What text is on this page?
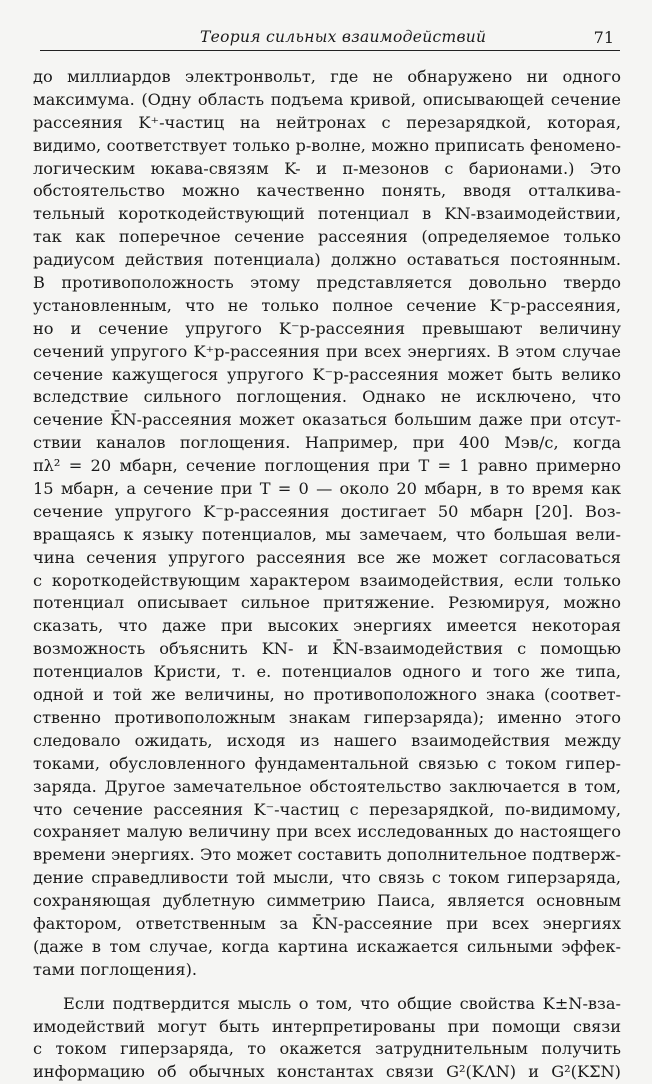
Теория сильных взаимодействий	71
до миллиардов электронвольт, где не обнаружено ни одного
максимума. (Одну область подъема кривой, описывающей сечение
рассеяния K⁺-частиц на нейтронах с перезарядкой, которая,
видимо, соответствует только p-волне, можно приписать феномено-
логическим юкава-связям K- и π-мезонов с барионами.) Это
обстоятельство можно качественно понять, вводя отталкива-
тельный короткодействующий потенциал в KN-взаимодействии,
так как поперечное сечение рассеяния (определяемое только
радиусом действия потенциала) должно оставаться постоянным.
В противоположность этому представляется довольно твердо
установленным, что не только полное сечение K⁻p-рассеяния,
но и сечение упругого K⁻p-рассеяния превышают величину
сечений упругого K⁺p-рассеяния при всех энергиях. В этом случае
сечение кажущегося упругого K⁻p-рассеяния может быть велико
вследствие сильного поглощения. Однако не исключено, что
сечение K̄N-рассеяния может оказаться большим даже при отсут-
ствии каналов поглощения. Например, при 400 Мэв/c, когда
πλ² = 20 мбарн, сечение поглощения при T = 1 равно примерно
15 мбарн, а сечение при T = 0 — около 20 мбарн, в то время как
сечение упругого K⁻p-рассеяния достигает 50 мбарн [20]. Воз-
вращаясь к языку потенциалов, мы замечаем, что большая вели-
чина сечения упругого рассеяния все же может согласоваться
с короткодействующим характером взаимодействия, если только
потенциал описывает сильное притяжение. Резюмируя, можно
сказать, что даже при высоких энергиях имеется некоторая
возможность объяснить KN- и K̄N-взаимодействия с помощью
потенциалов Кристи, т. е. потенциалов одного и того же типа,
одной и той же величины, но противоположного знака (соответ-
ственно противоположным знакам гиперзаряда); именно этого
следовало ожидать, исходя из нашего взаимодействия между
токами, обусловленного фундаментальной связью с током гипер-
заряда. Другое замечательное обстоятельство заключается в том,
что сечение рассеяния K⁻-частиц с перезарядкой, по-видимому,
сохраняет малую величину при всех исследованных до настоящего
времени энергиях. Это может составить дополнительное подтверж-
дение справедливости той мысли, что связь с током гиперзаряда,
сохраняющая дублетную симметрию Паиса, является основным
фактором, ответственным за K̄N-рассеяние при всех энергиях
(даже в том случае, когда картина искажается сильными эффек-
тами поглощения).
Если подтвердится мысль о том, что общие свойства K±N-вза-
имодействий могут быть интерпретированы при помощи связи
с током гиперзаряда, то окажется затруднительным получить
информацию об обычных константах связи G²(KΛN) и G²(KΣN)
